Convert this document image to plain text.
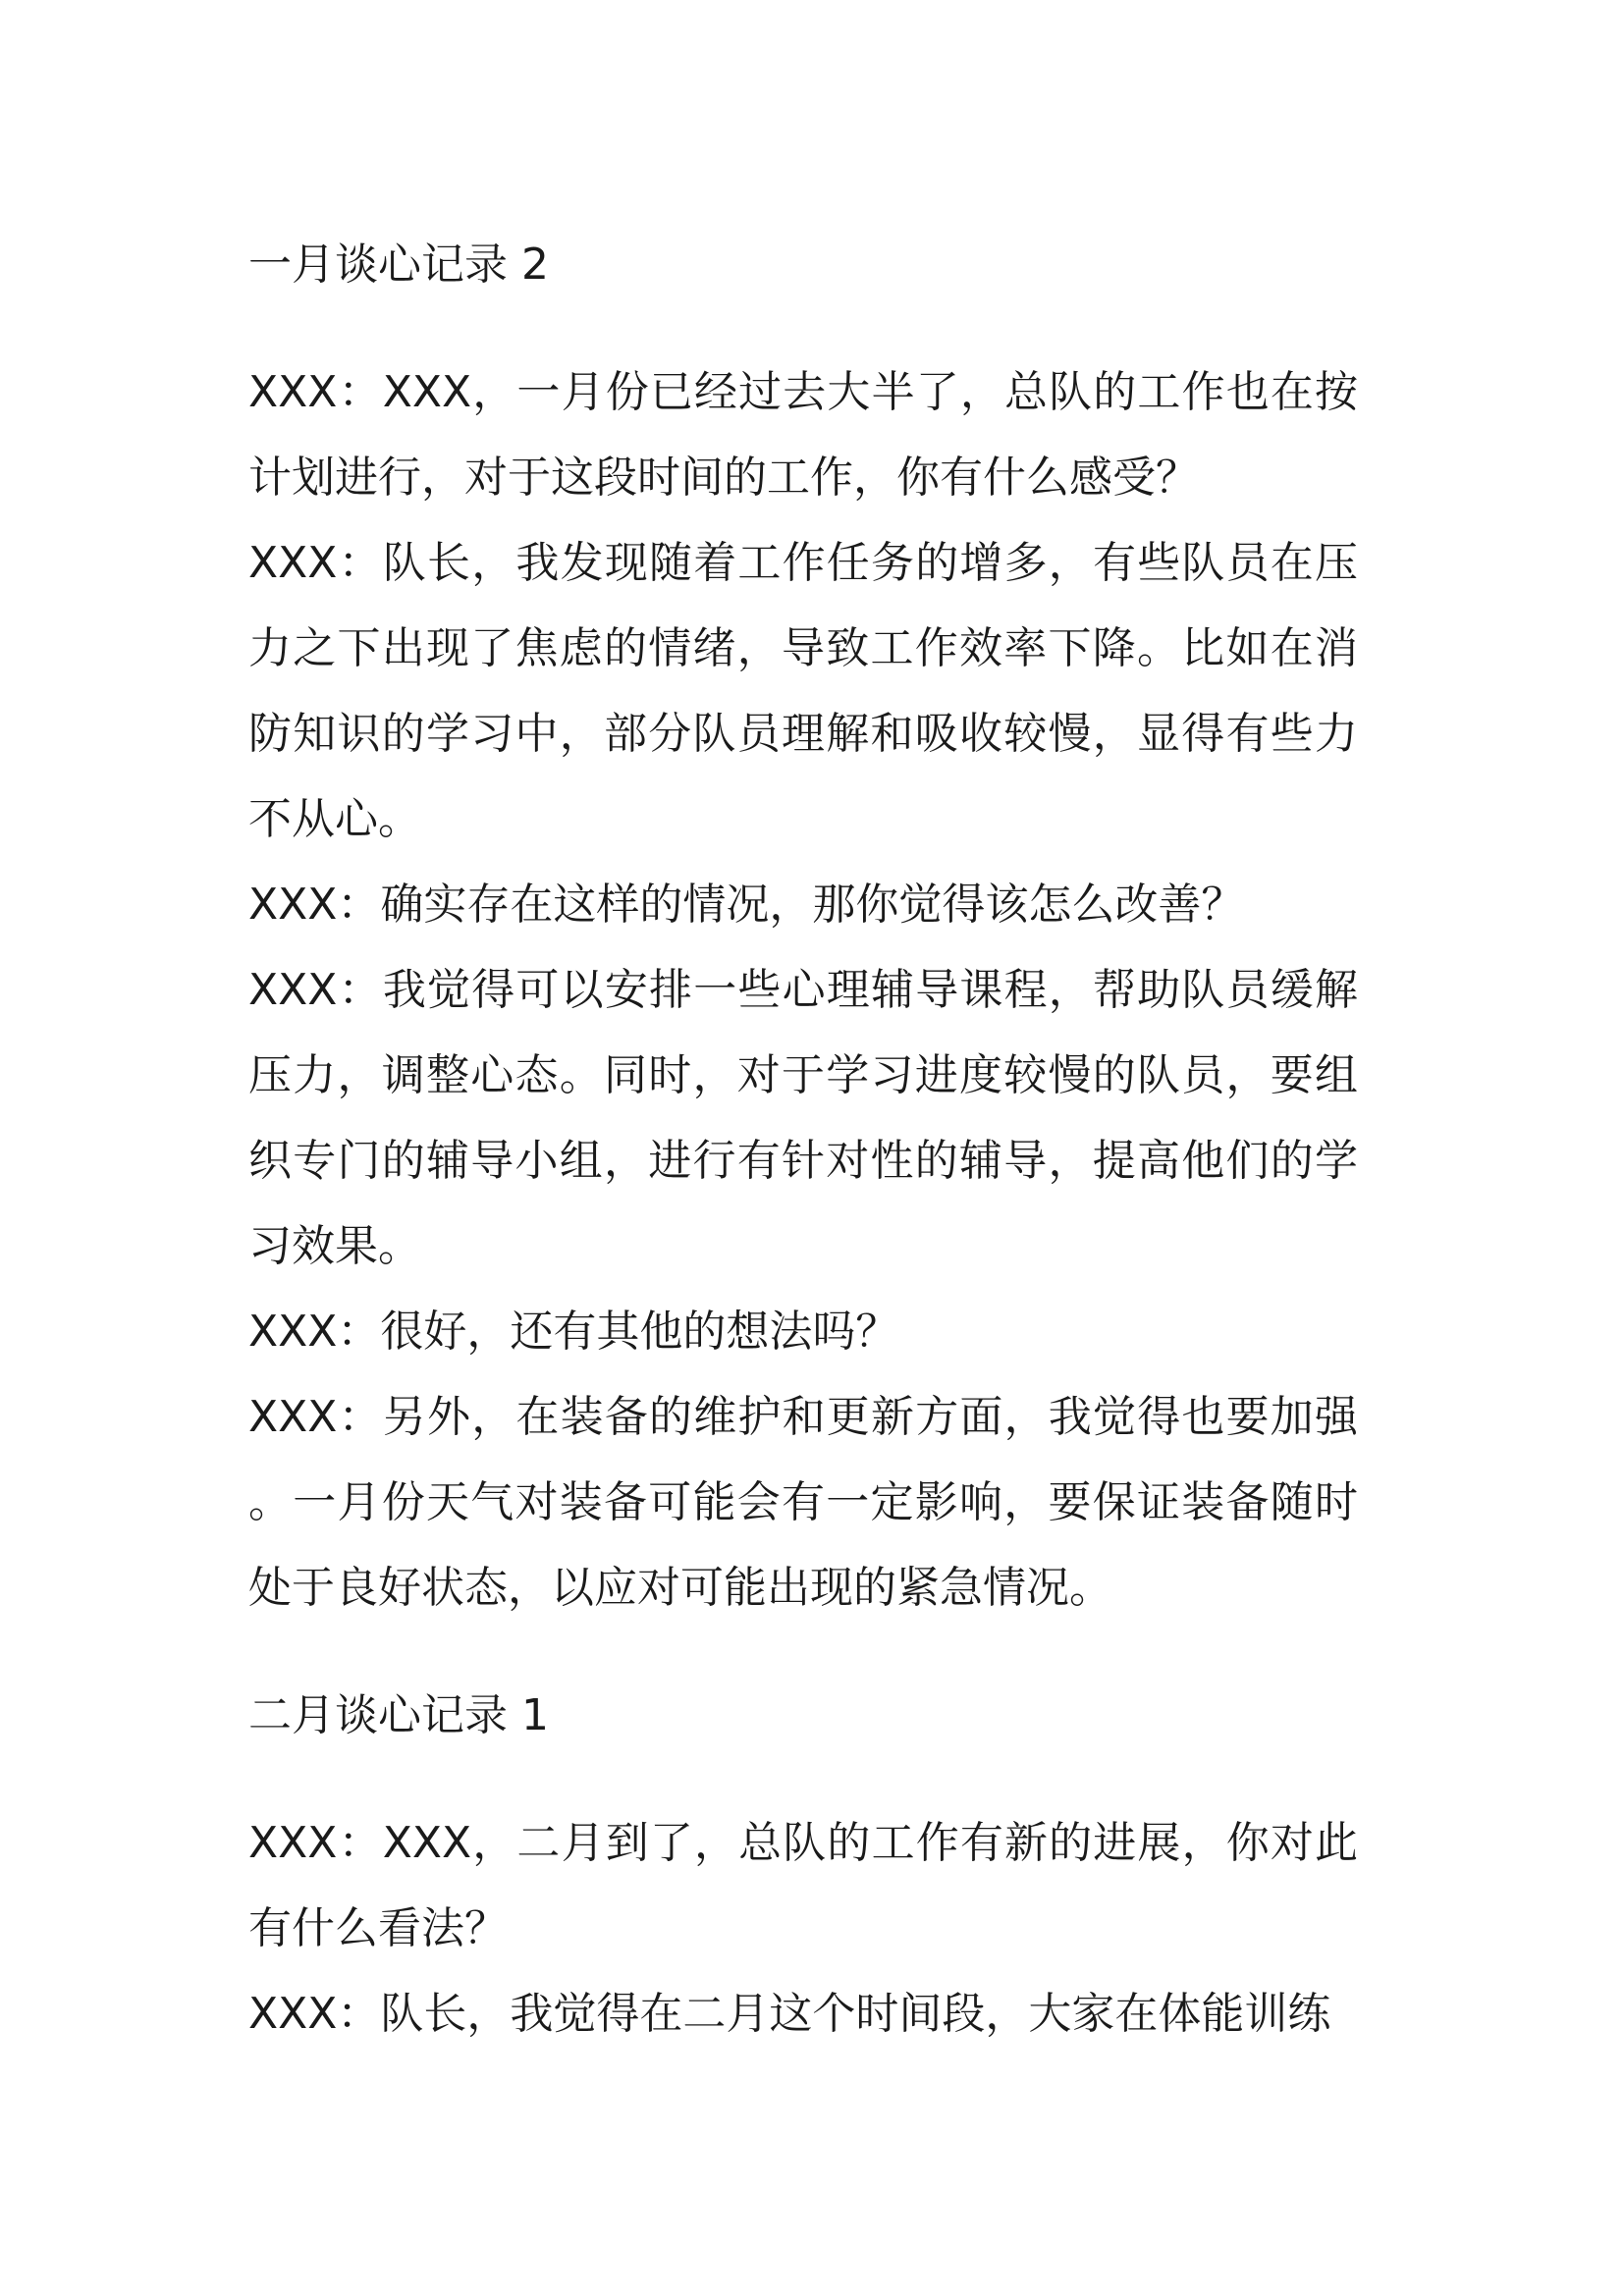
一月谈心记录 2

XXX：XXX，一月份已经过去大半了，总队的工作也在按计划进行，对于这段时间的工作，你有什么感受？

XXX：队长，我发现随着工作任务的增多，有些队员在压力之下出现了焦虑的情绪，导致工作效率下降。比如在消防知识的学习中，部分队员理解和吸收较慢，显得有些力不从心。

XXX：确实存在这样的情况，那你觉得该怎么改善？

XXX：我觉得可以安排一些心理辅导课程，帮助队员缓解压力，调整心态。同时，对于学习进度较慢的队员，要组织专门的辅导小组，进行有针对性的辅导，提高他们的学习效果。

XXX：很好，还有其他的想法吗？

XXX：另外，在装备的维护和更新方面，我觉得也要加强。一月份天气对装备可能会有一定影响，要保证装备随时处于良好状态，以应对可能出现的紧急情况。

二月谈心记录 1

XXX：XXX，二月到了，总队的工作有新的进展，你对此有什么看法？

XXX：队长，我觉得在二月这个时间段，大家在体能训练
